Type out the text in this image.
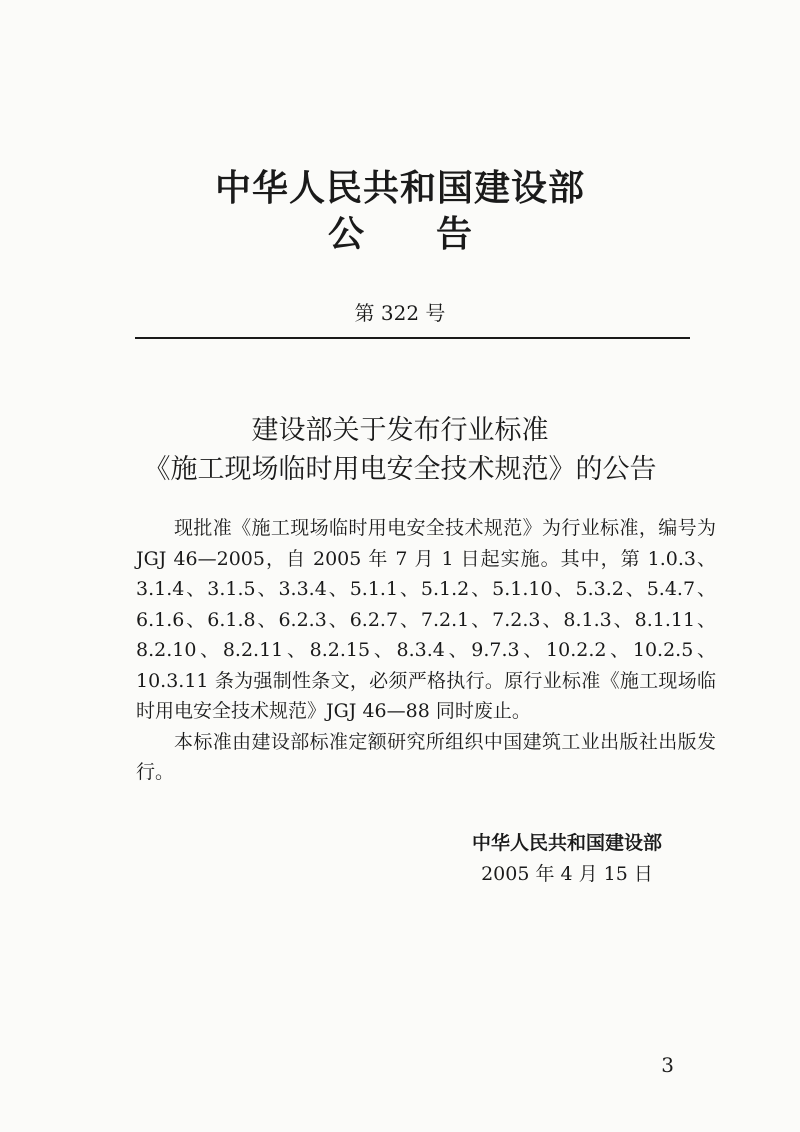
中华人民共和国建设部
公告
第 322 号
建设部关于发布行业标准
《施工现场临时用电安全技术规范》的公告

现批准《施工现场临时用电安全技术规范》为行业标准，编号为 JGJ 46—2005，自 2005 年 7 月 1 日起实施。其中，第 1.0.3、3.1.4、3.1.5、3.3.4、5.1.1、5.1.2、5.1.10、5.3.2、5.4.7、6.1.6、6.1.8、6.2.3、6.2.7、7.2.1、7.2.3、8.1.3、8.1.11、8.2.10、8.2.11、8.2.15、8.3.4、9.7.3、10.2.2、10.2.5、10.3.11 条为强制性条文，必须严格执行。原行业标准《施工现场临时用电安全技术规范》JGJ 46—88 同时废止。

本标准由建设部标准定额研究所组织中国建筑工业出版社出版发行。

中华人民共和国建设部
2005 年 4 月 15 日
3
